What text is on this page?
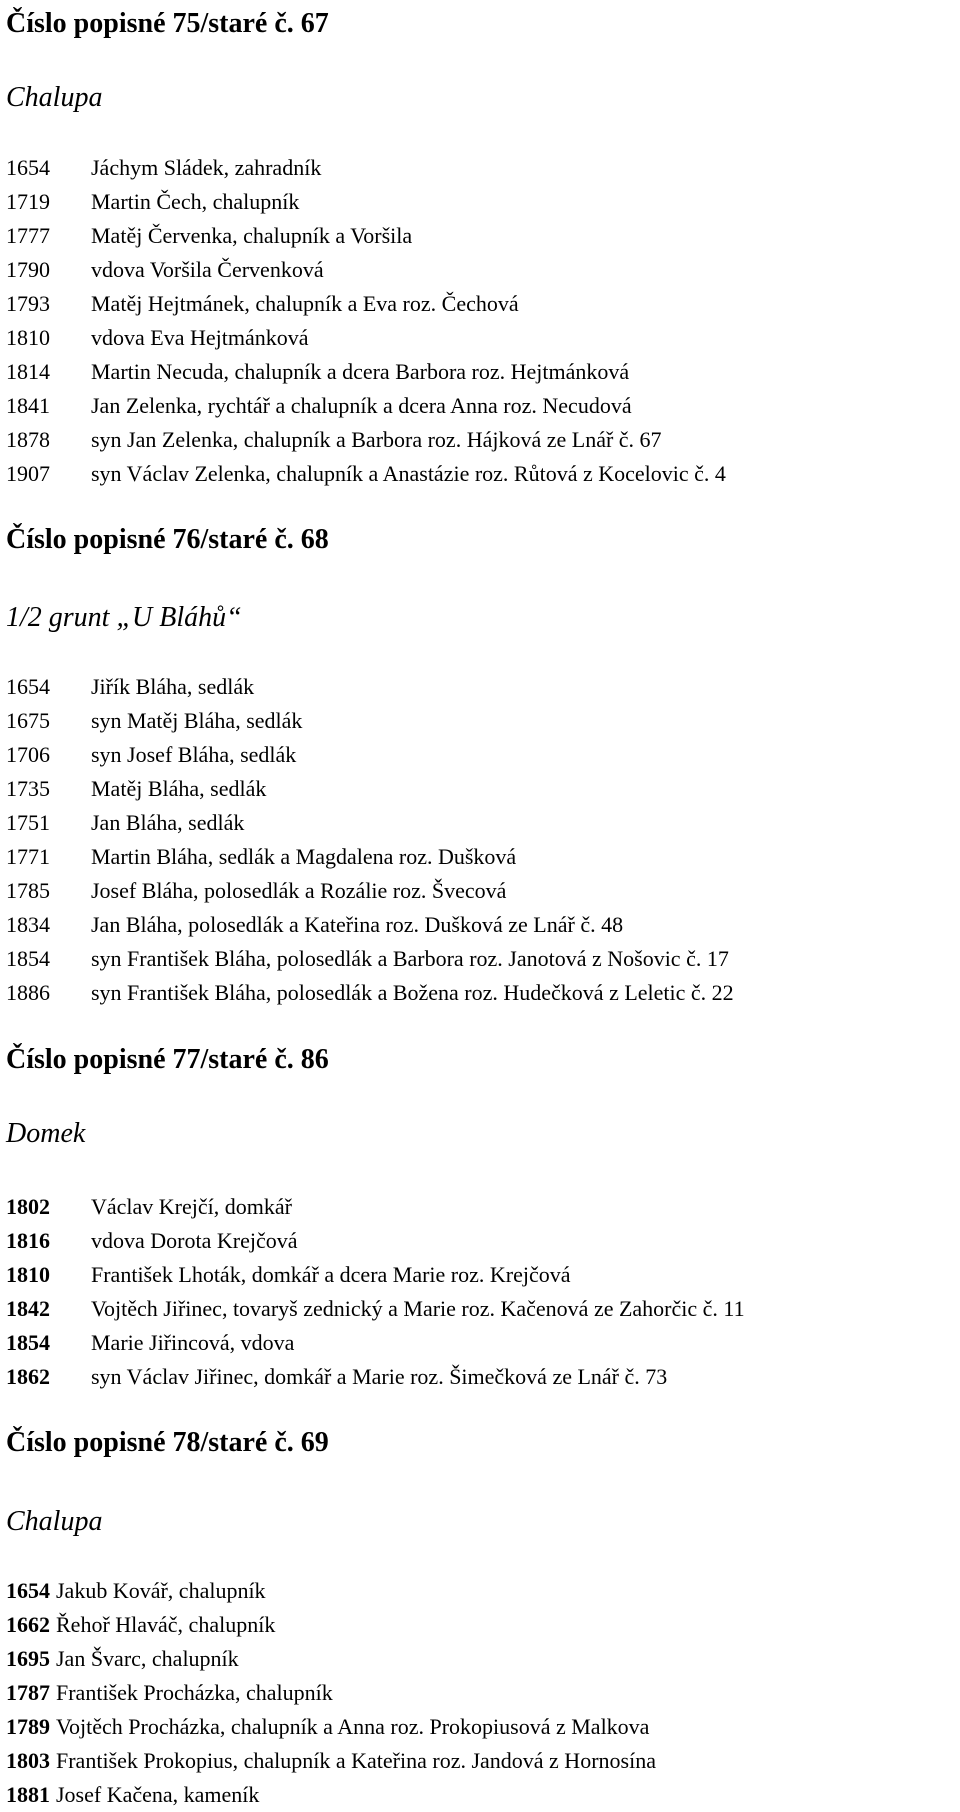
Číslo popisné 75/staré č. 67
Chalupa
1654	Jáchym Sládek, zahradník
1719	Martin Čech, chalupník
1777	Matěj Červenka, chalupník a Voršila
1790	vdova Voršila Červenková
1793	Matěj Hejtmánek, chalupník a Eva roz. Čechová
1810	vdova Eva Hejtmánková
1814	Martin Necuda, chalupník a dcera Barbora roz. Hejtmánková
1841	Jan Zelenka, rychtář a chalupník a dcera Anna roz. Necudová
1878	syn Jan Zelenka, chalupník a Barbora roz. Hájková ze Lnář č. 67
1907	syn Václav Zelenka, chalupník a Anastázie roz. Růtová z Kocelovic č. 4
Číslo popisné 76/staré č. 68
1/2 grunt „U Bláhů“
1654	Jiřík Bláha, sedlák
1675	syn Matěj Bláha, sedlák
1706	syn Josef Bláha, sedlák
1735	Matěj Bláha, sedlák
1751	Jan Bláha, sedlák
1771	Martin Bláha, sedlák a Magdalena roz. Dušková
1785	Josef Bláha, polosedlák a Rozálie roz. Švecová
1834	Jan Bláha, polosedlák a Kateřina roz. Dušková ze Lnář č. 48
1854	syn František Bláha, polosedlák a Barbora roz. Janotová z Nošovic č. 17
1886	syn František Bláha, polosedlák a Božena roz. Hudečková z Leletic č. 22
Číslo popisné 77/staré č. 86
Domek
1802	Václav Krejčí, domkář
1816	vdova Dorota Krejčová
1810	František Lhoták, domkář a dcera Marie roz. Krejčová
1842	Vojtěch Jiřinec, tovaryš zednický a Marie roz. Kačenová ze Zahorčic č. 11
1854	Marie Jiřincová, vdova
1862	syn Václav Jiřinec, domkář a Marie roz. Šimečková ze Lnář č. 73
Číslo popisné 78/staré č. 69
Chalupa
1654 Jakub Kovář, chalupník
1662 Řehoř Hlaváč, chalupník
1695 Jan Švarc, chalupník
1787 František Procházka, chalupník
1789 Vojtěch Procházka, chalupník a Anna roz. Prokopiusová z Malkova
1803 František Prokopius, chalupník a Kateřina roz. Jandová z Hornosína
1881 Josef Kačena, kameník
